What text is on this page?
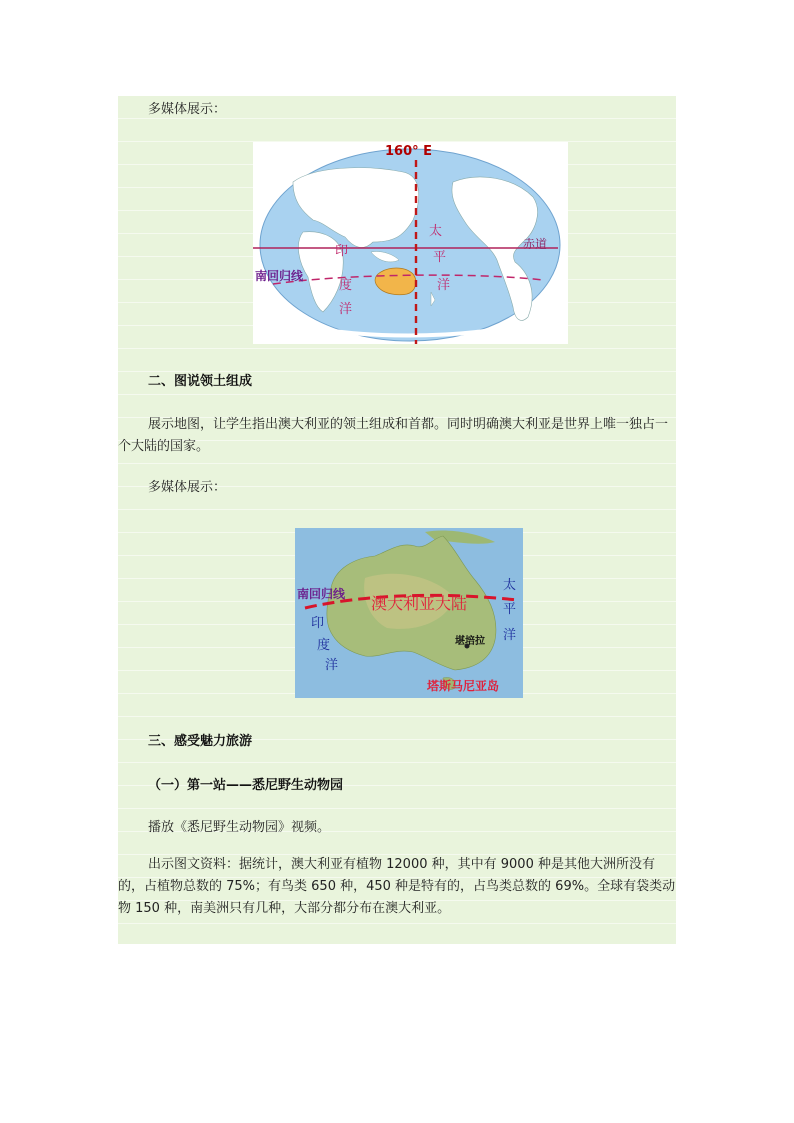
多媒体展示：
160° E
赤道
南回归线
印
度
洋
太
平
洋
二、图说领土组成
展示地图，让学生指出澳大利亚的领土组成和首都。同时明确澳大利亚是世界上唯一独占一个大陆的国家。
多媒体展示：
南回归线 澳大利亚大陆
太
平
洋
印
度
洋
堪培拉
塔斯马尼亚岛
三、感受魅力旅游
（一）第一站——悉尼野生动物园
播放《悉尼野生动物园》视频。
出示图文资料：据统计，澳大利亚有植物 12000 种，其中有 9000 种是其他大洲所没有的，占植物总数的 75%；有鸟类 650 种，450 种是特有的，占鸟类总数的 69%。全球有袋类动物 150 种，南美洲只有几种，大部分都分布在澳大利亚。
